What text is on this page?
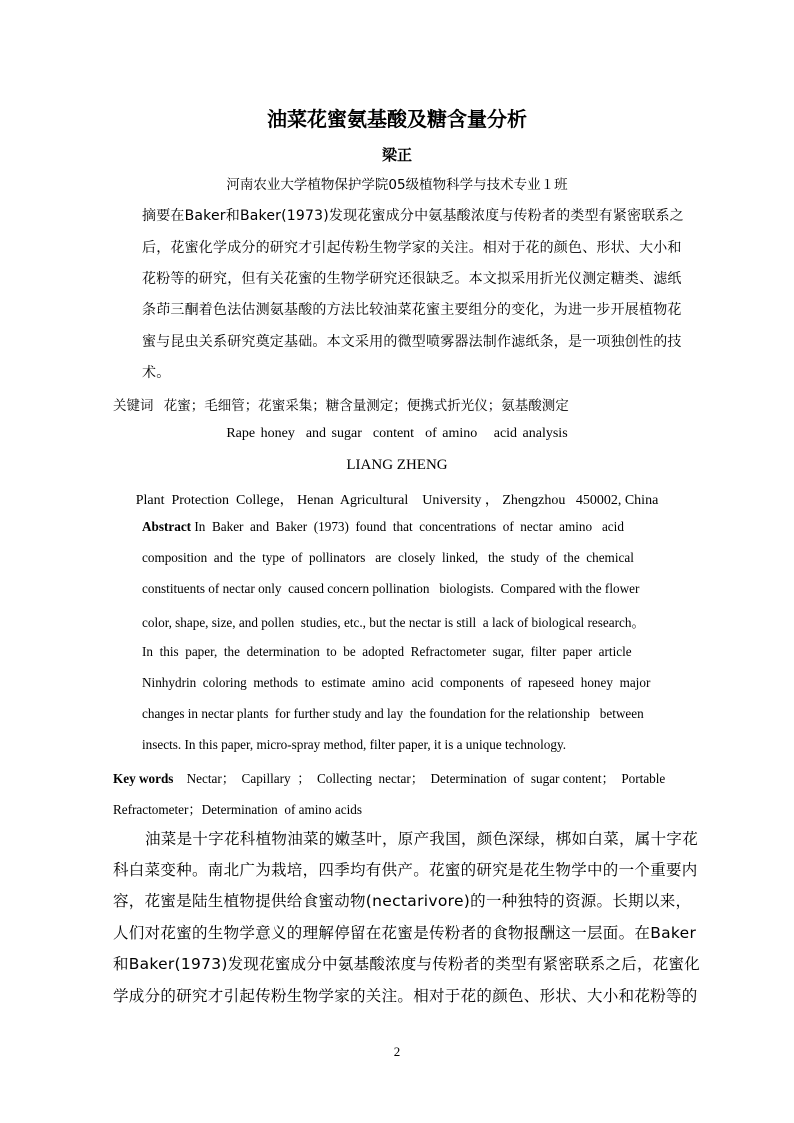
油菜花蜜氨基酸及糖含量分析
梁正
河南农业大学植物保护学院05级植物科学与技术专业１班
摘要在Baker和Baker(1973)发现花蜜成分中氨基酸浓度与传粉者的类型有紧密联系之
后，花蜜化学成分的研究才引起传粉生物学家的关注。相对于花的颜色、形状、大小和
花粉等的研究，但有关花蜜的生物学研究还很缺乏。本文拟采用折光仪测定糖类、滤纸
条茚三酮着色法估测氨基酸的方法比较油菜花蜜主要组分的变化，为进一步开展植物花
蜜与昆虫关系研究奠定基础。本文采用的微型喷雾器法制作滤纸条，是一项独创性的技
术。
关键词 花蜜；毛细管；花蜜采集；糖含量测定；便携式折光仪；氨基酸测定
Rape honey  and sugar  content  of amino   acid analysis
LIANG ZHENG
Plant  Protection  College， Henan  Agricultural    University ， Zhengzhou   450002, China
Abstract In  Baker  and  Baker  (1973)  found  that  concentrations  of  nectar  amino   acid
composition  and  the  type  of  pollinators   are  closely  linked,   the  study  of  the  chemical
constituents of nectar only  caused concern pollination   biologists.  Compared with the flower
color, shape, size, and pollen  studies, etc., but the nectar is still  a lack of biological research。
In  this  paper,  the  determination  to  be  adopted  Refractometer  sugar,  filter  paper  article
Ninhydrin  coloring  methods  to  estimate  amino  acid  components  of  rapeseed  honey  major
changes in nectar plants  for further study and lay  the foundation for the relationship   between
insects. In this paper, micro-spray method, filter paper, it is a unique technology.
Key words    Nectar；  Capillary  ；  Collecting  nectar；  Determination  of  sugar content；  Portable
Refractometer；Determination  of amino acids
油菜是十字花科植物油菜的嫩茎叶，原产我国，颜色深绿，梆如白菜，属十字花
科白菜变种。南北广为栽培，四季均有供产。花蜜的研究是花生物学中的一个重要内
容，花蜜是陆生植物提供给食蜜动物(nectarivore)的一种独特的资源。长期以来，
人们对花蜜的生物学意义的理解停留在花蜜是传粉者的食物报酬这一层面。在Baker
和Baker(1973)发现花蜜成分中氨基酸浓度与传粉者的类型有紧密联系之后，花蜜化
学成分的研究才引起传粉生物学家的关注。相对于花的颜色、形状、大小和花粉等的
2
